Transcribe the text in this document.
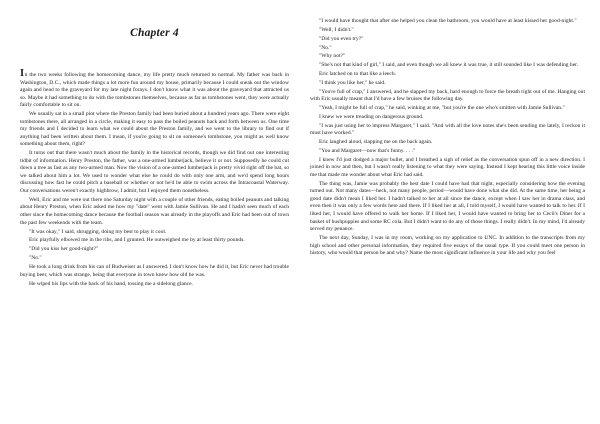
Chapter 4

In the two weeks following the homecoming dance, my life pretty much returned to normal. My father was back in Washington, D.C., which made things a lot more fun around my house, primarily because I could sneak out the window again and head to the graveyard for my late night forays. I don't know what it was about the graveyard that attracted us so. Maybe it had something to do with the tombstones themselves, because as far as tombstones went, they were actually fairly comfortable to sit on.

We usually sat in a small plot where the Preston family had been buried about a hundred years ago. There were eight tombstones there, all arranged in a circle, making it easy to pass the boiled peanuts back and forth between us. One time my friends and I decided to learn what we could about the Preston family, and we went to the library to find out if anything had been written about them. I mean, if you're going to sit on someone's tombstone, you might as well know something about them, right?

It turns out that there wasn't much about the family in the historical records, though we did find out one interesting tidbit of information. Henry Preston, the father, was a one-armed lumberjack, believe it or not. Supposedly he could cut down a tree as fast as any two-armed man. Now the vision of a one-armed lumberjack is pretty vivid right off the bat, so we talked about him a lot. We used to wonder what else he could do with only one arm, and we'd spend long hours discussing how fast he could pitch a baseball or whether or not he'd be able to swim across the Intracoastal Waterway. Our conversations weren't exactly highbrow, I admit, but I enjoyed them nonetheless.

Well, Eric and me were out there one Saturday night with a couple of other friends, eating boiled peanuts and talking about Henry Preston, when Eric asked me how my "date" went with Jamie Sullivan. He and I hadn't seen much of each other since the homecoming dance because the football season was already in the playoffs and Eric had been out of town the past few weekends with the team.

"It was okay," I said, shrugging, doing my best to play it cool.

Eric playfully elbowed me in the ribs, and I grunted. He outweighed me by at least thirty pounds.

"Did you kiss her good-night?"

"No."

He took a long drink from his can of Budweiser as I answered. I don't know how he did it, but Eric never had trouble buying beer, which was strange, being that everyone in town knew how old he was.

He wiped his lips with the back of his hand, tossing me a sidelong glance.

"I would have thought that after she helped you clean the bathroom, you would have at least kissed her good-night."

"Well, I didn't."

"Did you even try?"

"No."

"Why not?"

"She's not that kind of girl," I said, and even though we all knew it was true, it still sounded like I was defending her.

Eric latched on to that like a leech.

"I think you like her," he said.

"You're full of crap," I answered, and he slapped my back, hard enough to force the breath right out of me. Hanging out with Eric usually meant that I'd have a few bruises the following day.

"Yeah, I might be full of crap," he said, winking at me, "but you're the one who's smitten with Jamie Sullivan."

I knew we were treading on dangerous ground.

"I was just using her to impress Margaret," I said. "And with all the love notes she's been sending me lately, I reckon it must have worked."

Eric laughed aloud, slapping me on the back again.

"You and Margaret—now that's funny. . . ."

I knew I'd just dodged a major bullet, and I breathed a sigh of relief as the conversation spun off in a new direction. I joined in now and then, but I wasn't really listening to what they were saying. Instead I kept hearing this little voice inside me that made me wonder about what Eric had said.

The thing was, Jamie was probably the best date I could have had that night, especially considering how the evening turned out. Not many dates—heck, not many people, period—would have done what she did. At the same time, her being a good date didn't mean I liked her. I hadn't talked to her at all since the dance, except when I saw her in drama class, and even then it was only a few words here and there. If I liked her at all, I told myself, I would have wanted to talk to her. If I liked her, I would have offered to walk her home. If I liked her, I would have wanted to bring her to Cecil's Diner for a basket of hushpuppies and some RC cola. But I didn't want to do any of those things. I really didn't. In my mind, I'd already served my penance.

The next day, Sunday, I was in my room, working on my application to UNC. In addition to the transcripts from my high school and other personal information, they required five essays of the usual type. If you could meet one person in history, who would that person be and why? Name the most significant influence in your life and why you feel
